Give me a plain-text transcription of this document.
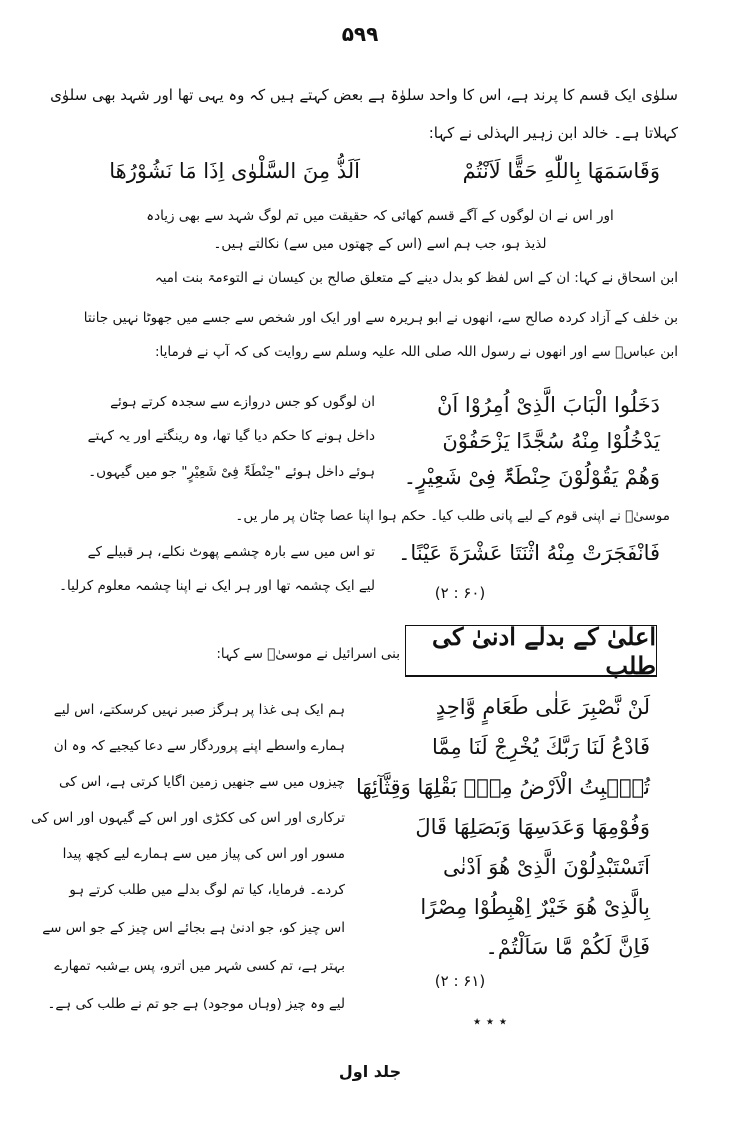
۵۹۹
سلوٰی ایک قسم کا پرند ہے، اس کا واحد سلوٰۃ ہے بعض کہتے ہیں کہ وہ یہی تھا اور شہد بھی سلوٰی
کہلاتا ہے۔ خالد ابن زہیر الہذلی نے کہا:
اَلَذُّ مِنَ السَّلْوٰی اِذَا مَا نَشُوْرُهَا	وَقَاسَمَهَا بِاللّٰهِ حَقًّا لَاَنْتُمْ
اور اس نے ان لوگوں کے آگے قسم کھائی کہ حقیقت میں تم لوگ شہد سے بھی زیادہ
لذیذ ہو، جب ہم اسے (اس کے چھتوں میں سے) نکالتے ہیں۔
ابن اسحاق نے کہا: ان کے اس لفظ کو بدل دینے کے متعلق صالح بن کیسان نے التوءمۃ بنت امیہ
بن خلف کے آزاد کردہ صالح سے، انھوں نے ابو ہریرہ سے اور ایک اور شخص سے جسے میں جھوٹا نہیں جانتا
ابن عباسؓ سے اور انھوں نے رسول اللہ صلی اللہ علیہ وسلم سے روایت کی کہ آپ نے فرمایا:
دَخَلُوا الْبَابَ الَّذِیْ اُمِرُوْا اَنْ
یَدْخُلُوْا مِنْهُ سُجَّدًا یَزْحَفُوْنَ
وَهُمْ یَقُوْلُوْنَ حِنْطَۃٌ فِیْ شَعِیْرٍ۔
ان لوگوں کو جس دروازے سے سجدہ کرتے ہوئے
داخل ہونے کا حکم دیا گیا تھا، وہ رینگتے اور یہ کہتے
ہوئے داخل ہوئے "حِنْطَۃٌ فِیْ شَعِیْرٍ" جو میں گیہوں۔
موسیٰؑ نے اپنی قوم کے لیے پانی طلب کیا۔ حکم ہوا اپنا عصا چٹان پر مار یں۔
فَانْفَجَرَتْ مِنْهُ اثْنَتَا عَشْرَةَ عَیْنًا۔
تو اس میں سے بارہ چشمے پھوٹ نکلے، ہر قبیلے کے
لیے ایک چشمہ تھا اور ہر ایک نے اپنا چشمہ معلوم کرلیا۔	(۲ : ۶۰)
اعلیٰ کے بدلے ادنیٰ کی طلب
بنی اسرائیل نے موسیٰؑ سے کہا:
لَنْ نَّصْبِرَ عَلٰی طَعَامٍ وَّاحِدٍ
فَادْعُ لَنَا رَبَّكَ یُخْرِجْ لَنَا مِمَّا
تُنْۢبِتُ الْاَرْضُ مِنْۢ بَقْلِهَا وَقِثَّآئِهَا
وَفُوْمِهَا وَعَدَسِهَا وَبَصَلِهَا قَالَ
اَتَسْتَبْدِلُوْنَ الَّذِیْ هُوَ اَدْنٰی
بِالَّذِیْ هُوَ خَیْرٌ اِهْبِطُوْا مِصْرًا
فَاِنَّ لَكُمْ مَّا سَاَلْتُمْ۔
ہم ایک ہی غذا پر ہرگز صبر نہیں کرسکتے، اس لیے
ہمارے واسطے اپنے پروردگار سے دعا کیجیے کہ وہ ان
چیزوں میں سے جنھیں زمین اگایا کرتی ہے، اس کی
ترکاری اور اس کی ککڑی اور اس کے گیہوں اور اس کی
مسور اور اس کی پیاز میں سے ہمارے لیے کچھ پیدا
کردے۔ فرمایا، کیا تم لوگ بدلے میں طلب کرتے ہو
اس چیز کو، جو ادنیٰ ہے بجائے اس چیز کے جو اس سے
بہتر ہے، تم کسی شہر میں اترو، پس بےشبہ تمھارے
لیے وہ چیز (وہاں موجود) ہے جو تم نے طلب کی ہے۔
(۲ : ۶۱)
٭ ٭ ٭
جلد اول
